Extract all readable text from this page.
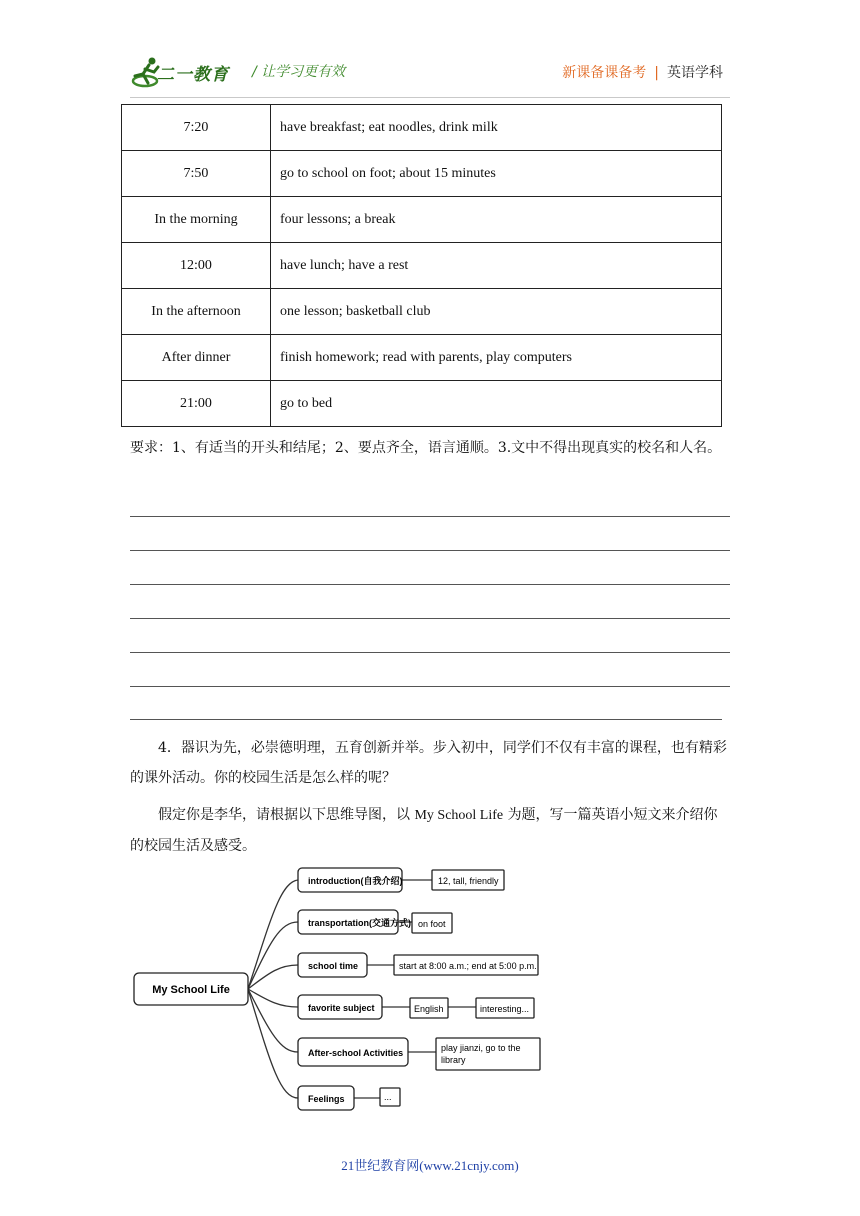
二一教育 / 让学习更有效	新课备课备考 | 英语学科
7:20	have breakfast; eat noodles, drink milk
7:50	go to school on foot; about 15 minutes
In the morning	four lessons; a break
12:00	have lunch; have a rest
In the afternoon	one lesson; basketball club
After dinner	finish homework; read with parents, play computers
21:00	go to bed
要求：1、有适当的开头和结尾；2、要点齐全，语言通顺。3.文中不得出现真实的校名和人名。
4．器识为先，必崇德明理，五育创新并举。步入初中，同学们不仅有丰富的课程，也有精彩的课外活动。你的校园生活是怎么样的呢？
假定你是李华，请根据以下思维导图，以 My School Life 为题，写一篇英语小短文来介绍你的校园生活及感受。
My School Life
introduction(自我介绍)
transportation(交通方式)
school time
favorite subject
After-school Activities
Feelings
12, tall, friendly
on foot
start at 8:00 a.m.; end at 5:00 p.m.
English	interesting...
play jianzi, go to the
library
...
21世纪教育网(www.21cnjy.com)
